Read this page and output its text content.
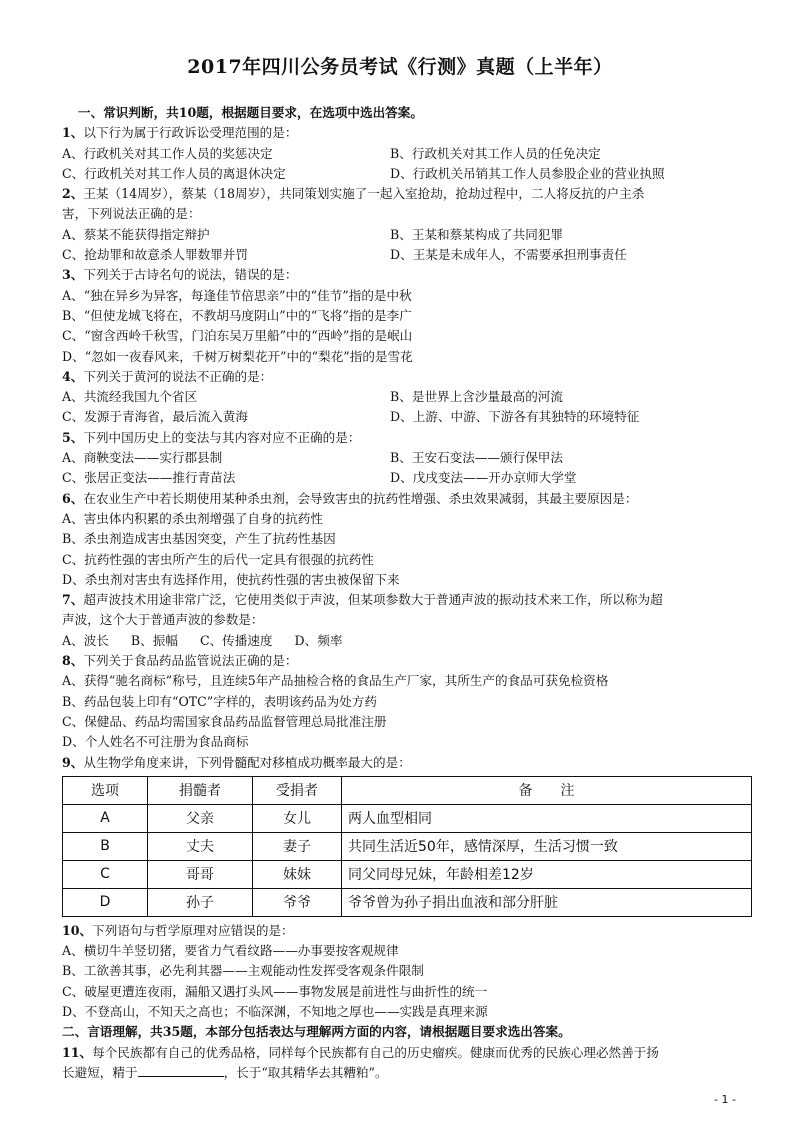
2017年四川公务员考试《行测》真题（上半年）
一、常识判断，共10题，根据题目要求，在选项中选出答案。
1、以下行为属于行政诉讼受理范围的是：
A、行政机关对其工作人员的奖惩决定	B、行政机关对其工作人员的任免决定
C、行政机关对其工作人员的离退休决定	D、行政机关吊销其工作人员参股企业的营业执照
2、王某（14周岁），蔡某（18周岁），共同策划实施了一起入室抢劫，抢劫过程中，二人将反抗的户主杀
害，下列说法正确的是：
A、蔡某不能获得指定辩护	B、王某和蔡某构成了共同犯罪
C、抢劫罪和故意杀人罪数罪并罚	D、王某是未成年人，不需要承担刑事责任
3、下列关于古诗名句的说法，错误的是：
A、“独在异乡为异客，每逢佳节倍思亲”中的“佳节”指的是中秋
B、“但使龙城飞将在，不教胡马度阴山”中的“飞将”指的是李广
C、“窗含西岭千秋雪，门泊东吴万里船”中的“西岭”指的是岷山
D、“忽如一夜春风来，千树万树梨花开”中的“梨花”指的是雪花
4、下列关于黄河的说法不正确的是：
A、共流经我国九个省区	B、是世界上含沙量最高的河流
C、发源于青海省，最后流入黄海	D、上游、中游、下游各有其独特的环境特征
5、下列中国历史上的变法与其内容对应不正确的是：
A、商鞅变法——实行郡县制	B、王安石变法——颁行保甲法
C、张居正变法——推行青苗法	D、戊戌变法——开办京师大学堂
6、在农业生产中若长期使用某种杀虫剂，会导致害虫的抗药性增强、杀虫效果减弱，其最主要原因是：
A、害虫体内积累的杀虫剂增强了自身的抗药性
B、杀虫剂造成害虫基因突变，产生了抗药性基因
C、抗药性强的害虫所产生的后代一定具有很强的抗药性
D、杀虫剂对害虫有选择作用，使抗药性强的害虫被保留下来
7、超声波技术用途非常广泛，它使用类似于声波，但某项参数大于普通声波的振动技术来工作，所以称为超
声波，这个大于普通声波的参数是：
A、波长 B、振幅 C、传播速度 D、频率
8、下列关于食品药品监管说法正确的是：
A、获得“驰名商标”称号，且连续5年产品抽检合格的食品生产厂家，其所生产的食品可获免检资格
B、药品包装上印有“OTC”字样的，表明该药品为处方药
C、保健品、药品均需国家食品药品监督管理总局批准注册
D、个人姓名不可注册为食品商标
9、从生物学角度来讲，下列骨髓配对移植成功概率最大的是：
选项	捐髓者	受捐者	备　　注
A	父亲	女儿	两人血型相同
B	丈夫	妻子	共同生活近50年，感情深厚，生活习惯一致
C	哥哥	妹妹	同父同母兄妹，年龄相差12岁
D	孙子	爷爷	爷爷曾为孙子捐出血液和部分肝脏
10、下列语句与哲学原理对应错误的是：
A、横切牛羊竖切猪，要省力气看纹路——办事要按客观规律
B、工欲善其事，必先利其器——主观能动性发挥受客观条件限制
C、破屋更遭连夜雨，漏船又遇打头风——事物发展是前进性与曲折性的统一
D、不登高山，不知天之高也；不临深渊，不知地之厚也——实践是真理来源
二、言语理解，共35题，本部分包括表达与理解两方面的内容，请根据题目要求选出答案。
11、每个民族都有自己的优秀品格，同样每个民族都有自己的历史瘤疾。健康而优秀的民族心理必然善于扬
长避短，精于	，长于“取其精华去其糟粕”。
- 1 -
